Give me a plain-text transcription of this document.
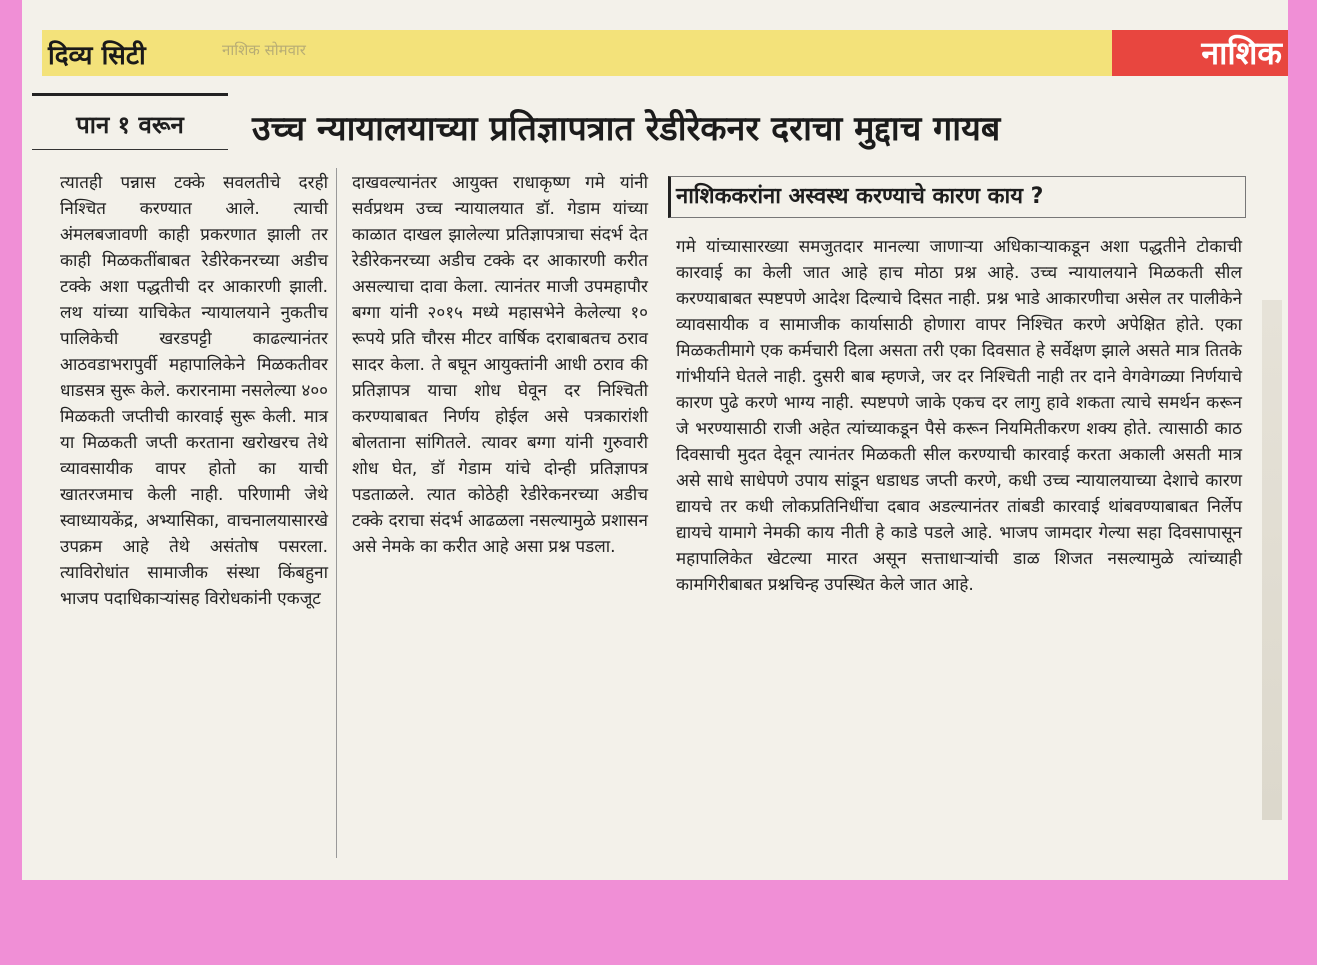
दिव्य सिटी	नाशिक सोमवार	नाशिक
पान १ वरून	उच्च न्यायालयाच्या प्रतिज्ञापत्रात रेडीरेकनर दराचा मुद्दाच गायब
त्यातही पन्नास टक्के सवलतीचे दरही निश्चित करण्यात आले. त्याची अंमलबजावणी काही प्रकरणात झाली तर काही मिळकतींबाबत रेडीरेकनरच्या अडीच टक्के अशा पद्धतीची दर आकारणी झाली. लथ यांच्या याचिकेत न्यायालयाने नुकतीच पालिकेची खरडपट्टी काढल्यानंतर आठवडाभरापुर्वी महापालिकेने मिळकतीवर धाडसत्र सुरू केले. करारनामा नसलेल्या ४०० मिळकती जप्तीची कारवाई सुरू केली. मात्र या मिळकती जप्ती करताना खरोखरच तेथे व्यावसायीक वापर होतो का याची खातरजमाच केली नाही. परिणामी जेथे स्वाध्यायकेंद्र, अभ्यासिका, वाचनालयासारखे उपक्रम आहे तेथे असंतोष पसरला. त्याविरोधांत सामाजीक संस्था किंबहुना भाजप पदाधिकाऱ्यांसह विरोधकांनी एकजूट
दाखवल्यानंतर आयुक्त राधाकृष्ण गमे यांनी सर्वप्रथम उच्च न्यायालयात डॉ. गेडाम यांच्या काळात दाखल झालेल्या प्रतिज्ञापत्राचा संदर्भ देत रेडीरेकनरच्या अडीच टक्के दर आकारणी करीत असल्याचा दावा केला. त्यानंतर माजी उपमहापौर बग्गा यांनी २०१५ मध्ये महासभेने केलेल्या १० रूपये प्रति चौरस मीटर वार्षिक दराबाबतच ठराव सादर केला. ते बघून आयुक्तांनी आधी ठराव की प्रतिज्ञापत्र याचा शोध घेवून दर निश्चिती करण्याबाबत निर्णय होईल असे पत्रकारांशी बोलताना सांगितले. त्यावर बग्गा यांनी गुरुवारी शोध घेत, डॉ गेडाम यांचे दोन्ही प्रतिज्ञापत्र पडताळले. त्यात कोठेही रेडीरेकनरच्या अडीच टक्के दराचा संदर्भ आढळला नसल्यामुळे प्रशासन असे नेमके का करीत आहे असा प्रश्न पडला.
नाशिककरांना अस्वस्थ करण्याचे कारण काय ?
गमे यांच्यासारख्या समजुतदार मानल्या जाणाऱ्या अधिकाऱ्याकडून अशा पद्धतीने टोकाची कारवाई का केली जात आहे हाच मोठा प्रश्न आहे. उच्च न्यायालयाने मिळकती सील करण्याबाबत स्पष्टपणे आदेश दिल्याचे दिसत नाही. प्रश्न भाडे आकारणीचा असेल तर पालीकेने व्यावसायीक व सामाजीक कार्यासाठी होणारा वापर निश्चित करणे अपेक्षित होते. एका मिळकतीमागे एक कर्मचारी दिला असता तरी एका दिवसात हे सर्वेक्षण झाले असते मात्र तितके गांभीर्याने घेतले नाही. दुसरी बाब म्हणजे, जर दर निश्चिती नाही तर दाने वेगवेगळ्या निर्णयाचे कारण पुढे करणे भाग्य नाही. स्पष्टपणे जाके एकच दर लागु हावे शकता त्याचे समर्थन करून जे भरण्यासाठी राजी अहेत त्यांच्याकडून पैसे करून नियमितीकरण शक्य होते. त्यासाठी काठ दिवसाची मुदत देवून त्यानंतर मिळकती सील करण्याची कारवाई करता अकाली असती मात्र असे साधे साधेपणे उपाय सांडून धडाधड जप्ती करणे, कधी उच्च न्यायालयाच्या देशाचे कारण द्यायचे तर कधी लोकप्रतिनिधींचा दबाव अडल्यानंतर तांबडी कारवाई थांबवण्याबाबत निर्लेप द्यायचे यामागे नेमकी काय नीती हे काडे पडले आहे. भाजप जामदार गेल्या सहा दिवसापासून महापालिकेत खेटल्या मारत असून सत्ताधाऱ्यांची डाळ शिजत नसल्यामुळे त्यांच्याही कामगिरीबाबत प्रश्नचिन्ह उपस्थित केले जात आहे.
